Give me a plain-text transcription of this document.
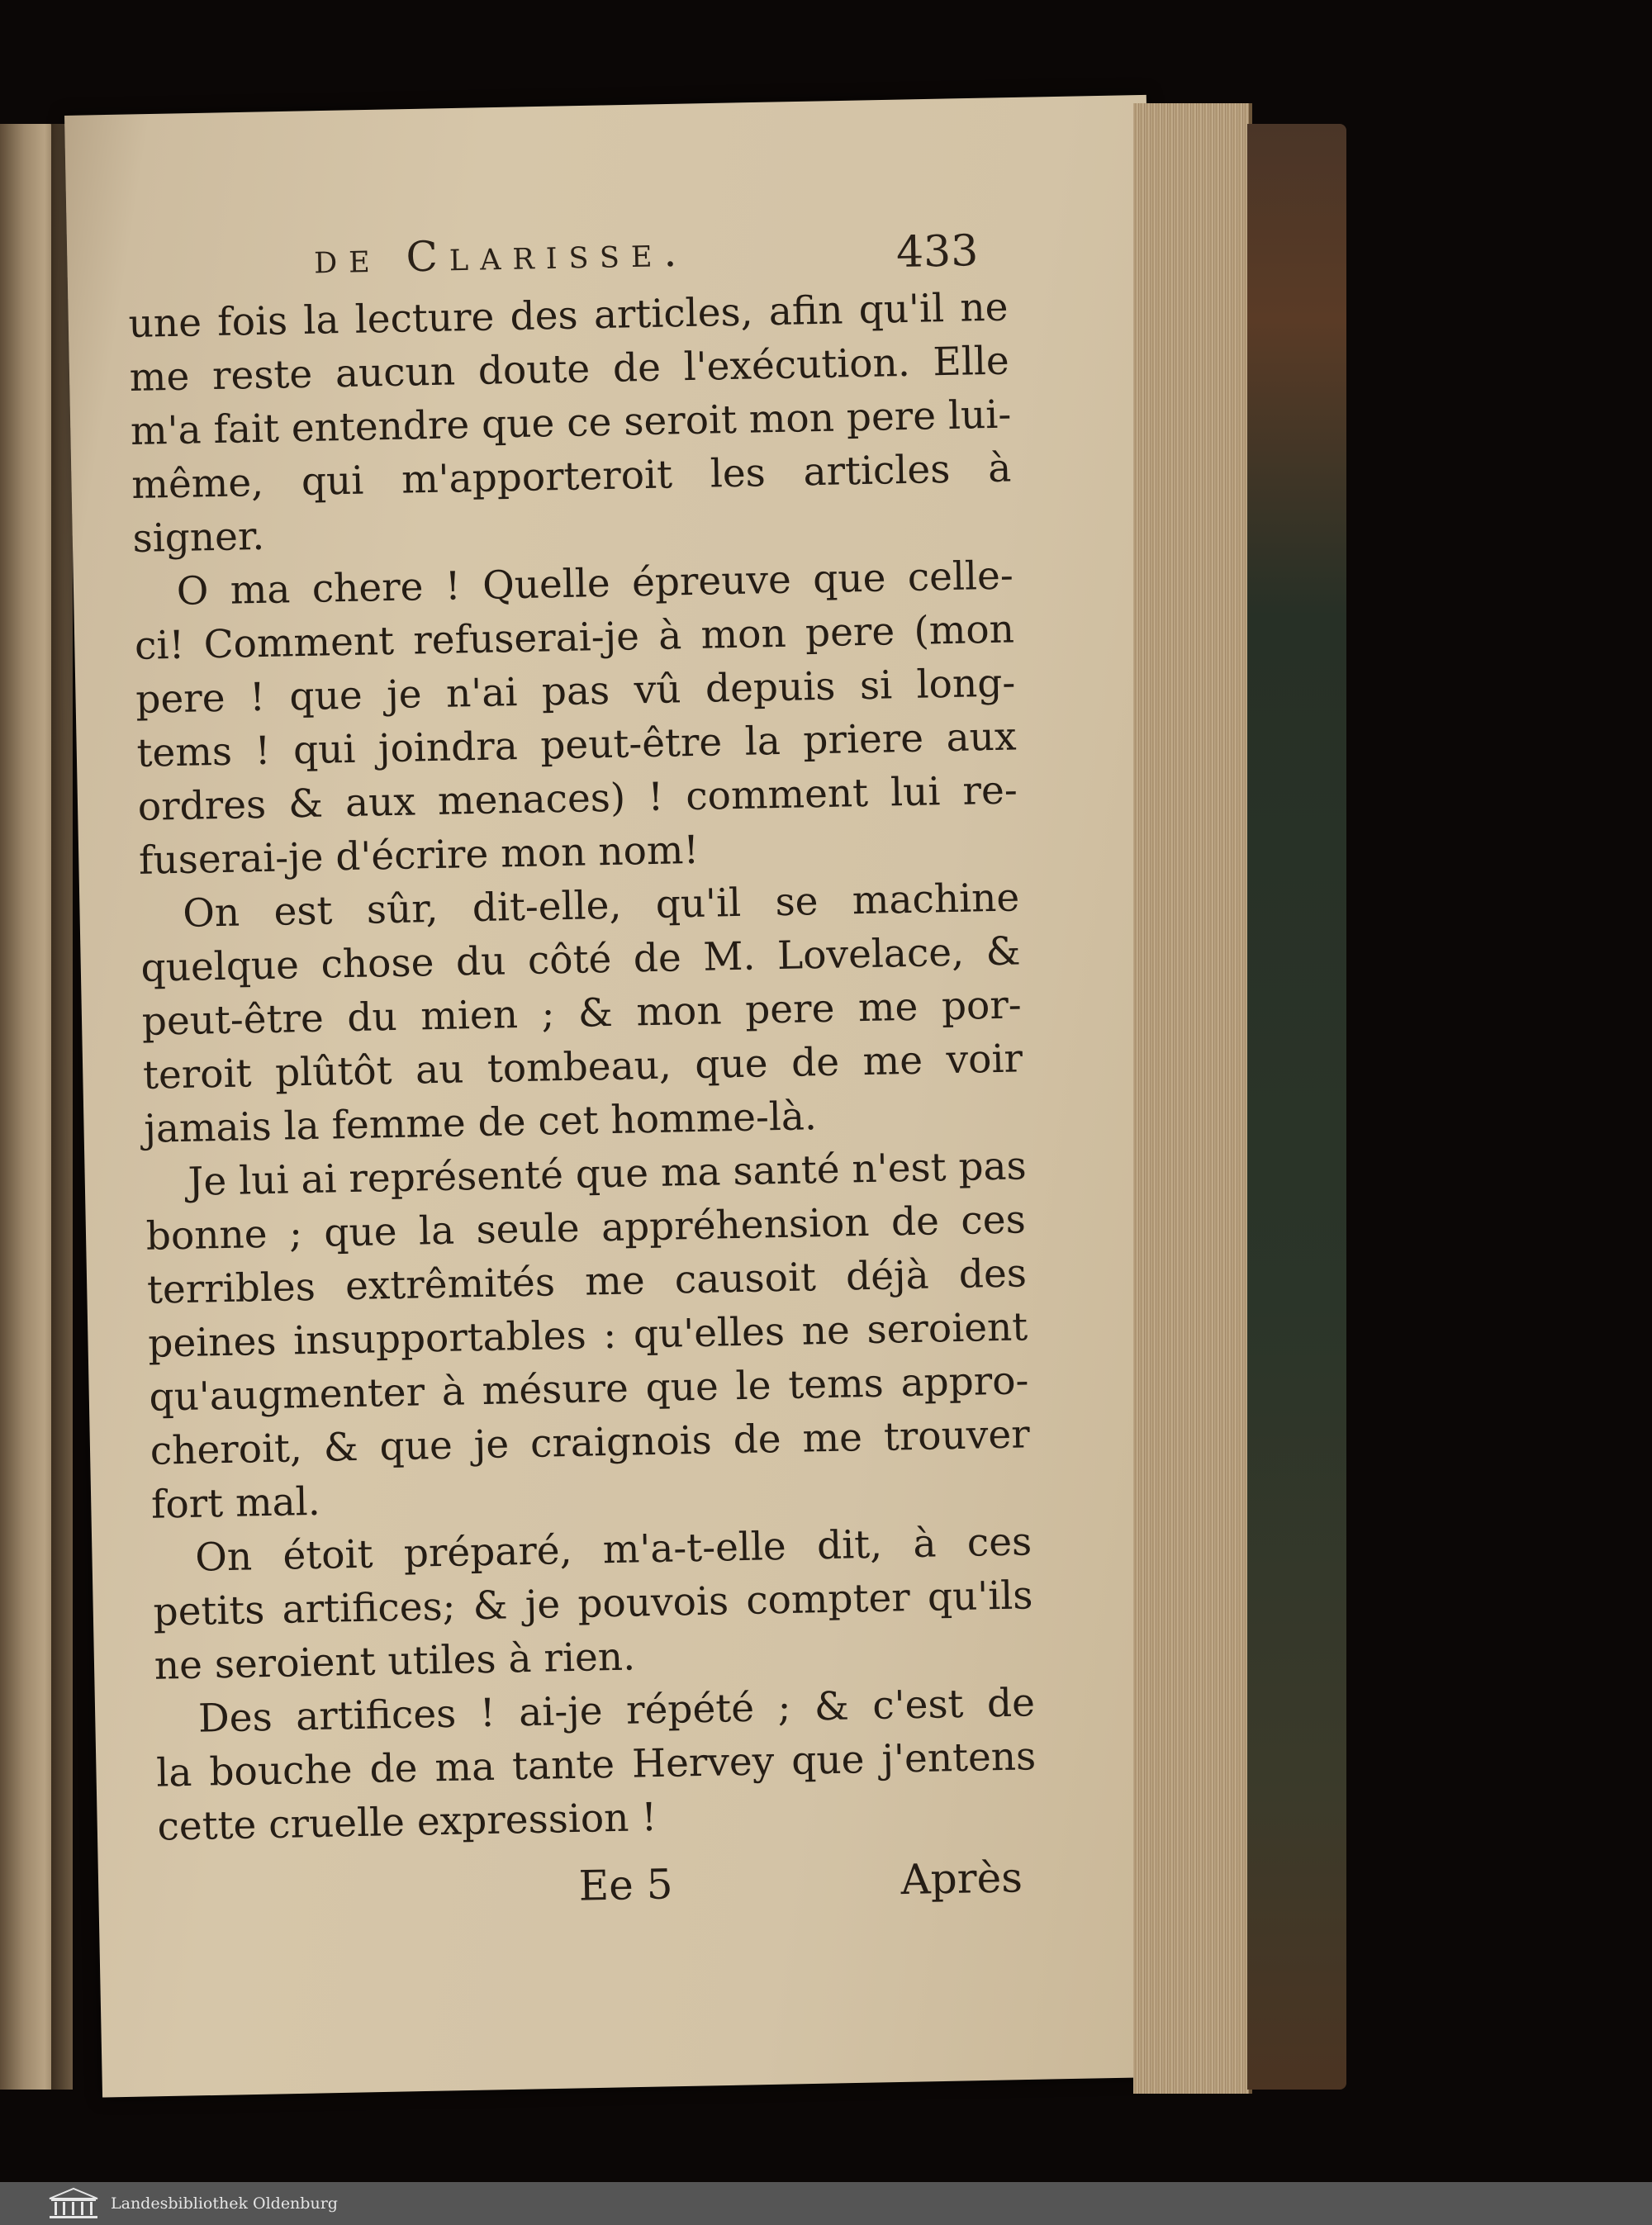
de Clarisse.	433
une fois la lecture des articles, afin qu'il ne
me reste aucun doute de l'exécution. Elle
m'a fait entendre que ce seroit mon pere lui-
même, qui m'apporteroit les articles à
signer.
O ma chere ! Quelle épreuve que celle-
ci! Comment refuserai-je à mon pere (mon
pere ! que je n'ai pas vû depuis si long-
tems ! qui joindra peut-être la priere aux
ordres & aux menaces) ! comment lui re-
fuserai-je d'écrire mon nom!
On est sûr, dit-elle, qu'il se machine
quelque chose du côté de M. Lovelace, &
peut-être du mien ; & mon pere me por-
teroit plûtôt au tombeau, que de me voir
jamais la femme de cet homme-là.
Je lui ai représenté que ma santé n'est pas
bonne ; que la seule appréhension de ces
terribles extrêmités me causoit déjà des
peines insupportables : qu'elles ne seroient
qu'augmenter à mésure que le tems appro-
cheroit, & que je craignois de me trouver
fort mal.
On étoit préparé, m'a-t-elle dit, à ces
petits artifices; & je pouvois compter qu'ils
ne seroient utiles à rien.
Des artifices ! ai-je répété ; & c'est de
la bouche de ma tante Hervey que j'entens
cette cruelle expression !
Ee 5	Après
Landesbibliothek Oldenburg
